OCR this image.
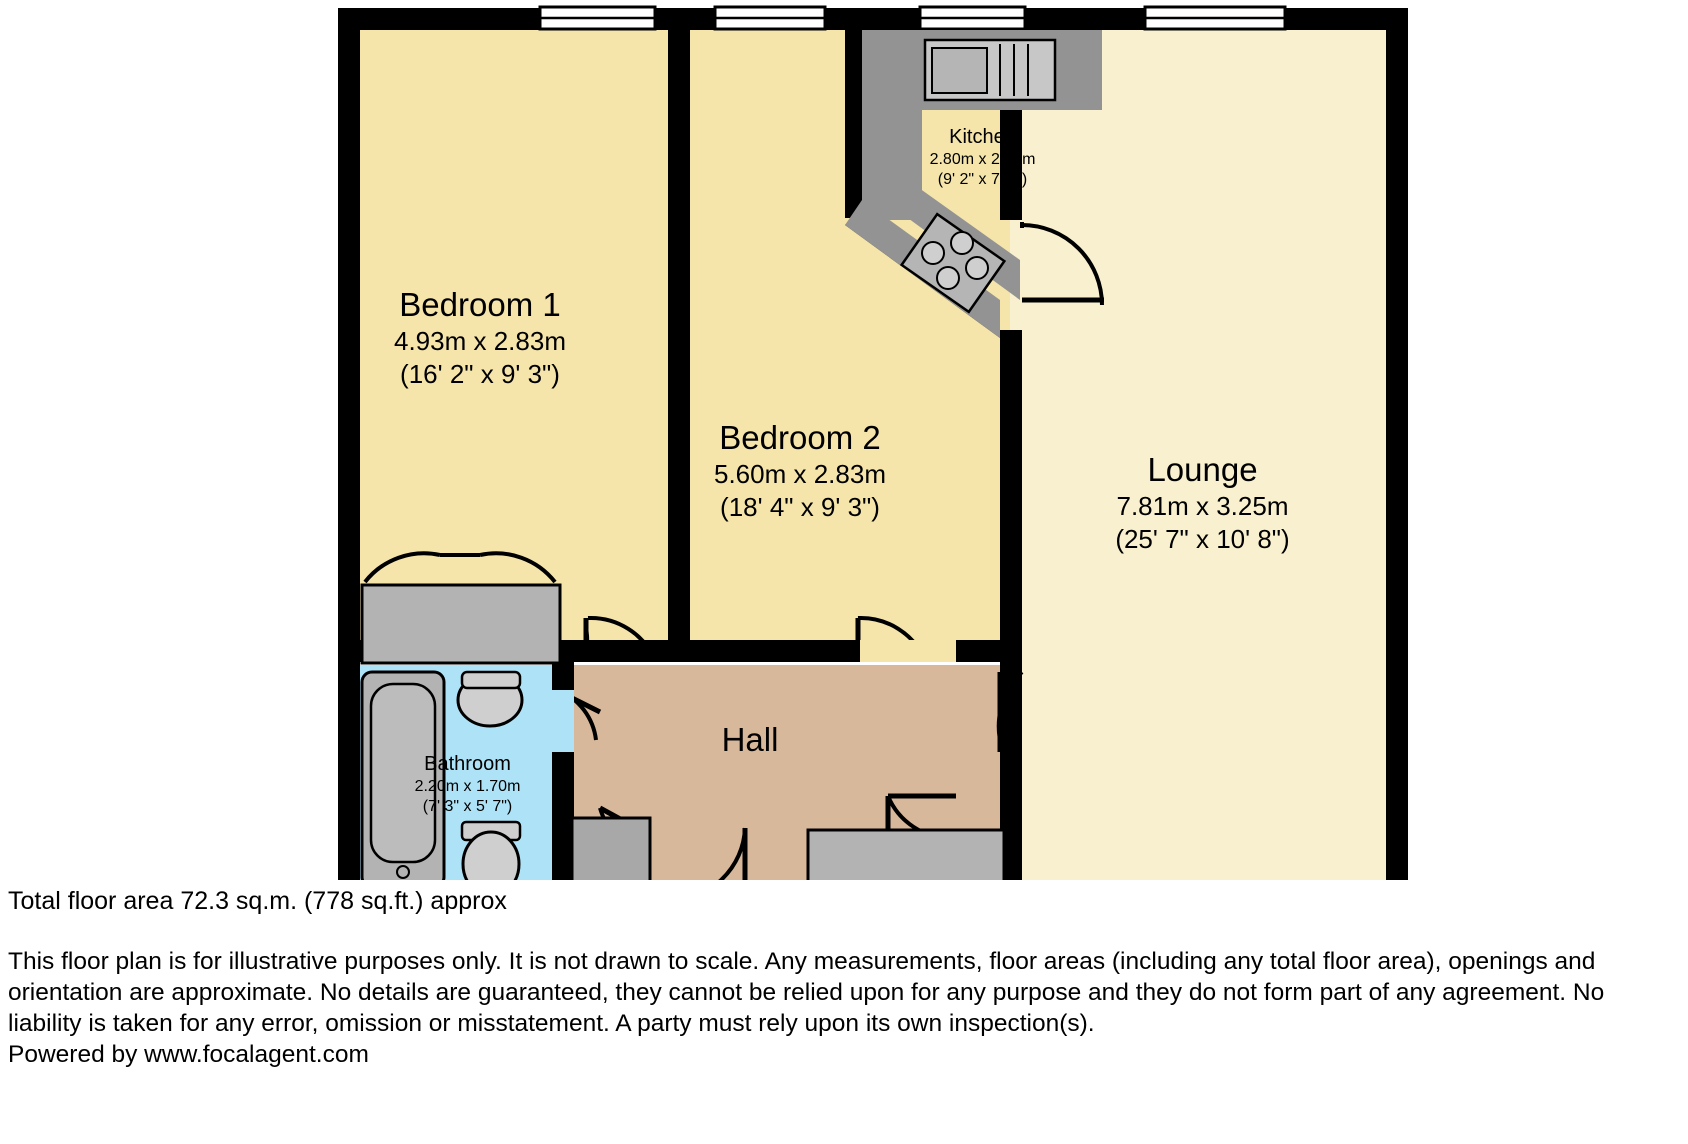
Bedroom 1
4.93m x 2.83m
(16' 2" x 9' 3")
Bedroom 2
5.60m x 2.83m
(18' 4" x 9' 3")
Kitchen
2.80m x 2.24m
(9' 2" x 7' 4")
Lounge
7.81m x 3.25m
(25' 7" x 10' 8")
Bathroom
2.20m x 1.70m
(7' 3" x 5' 7")
Hall
Total floor area 72.3 sq.m. (778 sq.ft.) approx
This floor plan is for illustrative purposes only. It is not drawn to scale. Any measurements, floor areas (including any total floor area), openings and orientation are approximate. No details are guaranteed, they cannot be relied upon for any purpose and they do not form part of any agreement. No liability is taken for any error, omission or misstatement. A party must rely upon its own inspection(s).
Powered by www.focalagent.com
